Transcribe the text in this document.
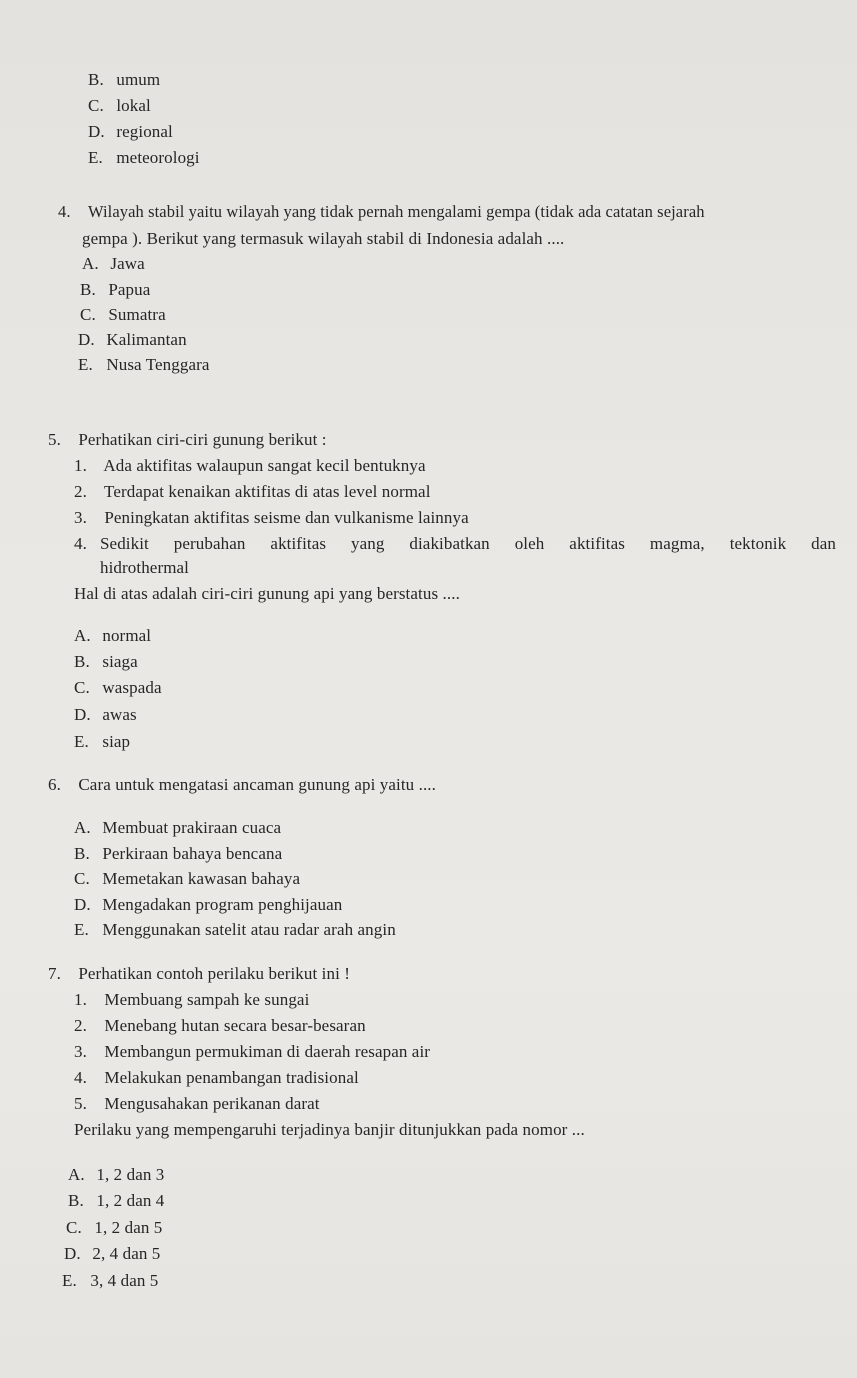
B. umum
C. lokal
D. regional
E. meteorologi
4. Wilayah stabil yaitu wilayah yang tidak pernah mengalami gempa (tidak ada catatan sejarah
gempa ). Berikut yang termasuk wilayah stabil di Indonesia adalah ....
A. Jawa
B. Papua
C. Sumatra
D. Kalimantan
E. Nusa Tenggara
5. Perhatikan ciri-ciri gunung berikut :
1. Ada aktifitas walaupun sangat kecil bentuknya
2. Terdapat kenaikan aktifitas di atas level normal
3. Peningkatan aktifitas seisme dan vulkanisme lainnya
4. Sedikit perubahan aktifitas yang diakibatkan oleh aktifitas magma, tektonik dan
hidrothermal
Hal di atas adalah ciri-ciri gunung api yang berstatus ....
A. normal
B. siaga
C. waspada
D. awas
E. siap
6. Cara untuk mengatasi ancaman gunung api yaitu ....
A. Membuat prakiraan cuaca
B. Perkiraan bahaya bencana
C. Memetakan kawasan bahaya
D. Mengadakan program penghijauan
E. Menggunakan satelit atau radar arah angin
7. Perhatikan contoh perilaku berikut ini !
1. Membuang sampah ke sungai
2. Menebang hutan secara besar-besaran
3. Membangun permukiman di daerah resapan air
4. Melakukan penambangan tradisional
5. Mengusahakan perikanan darat
Perilaku yang mempengaruhi terjadinya banjir ditunjukkan pada nomor ...
A. 1, 2 dan 3
B. 1, 2 dan 4
C. 1, 2 dan 5
D. 2, 4 dan 5
E. 3, 4 dan 5
